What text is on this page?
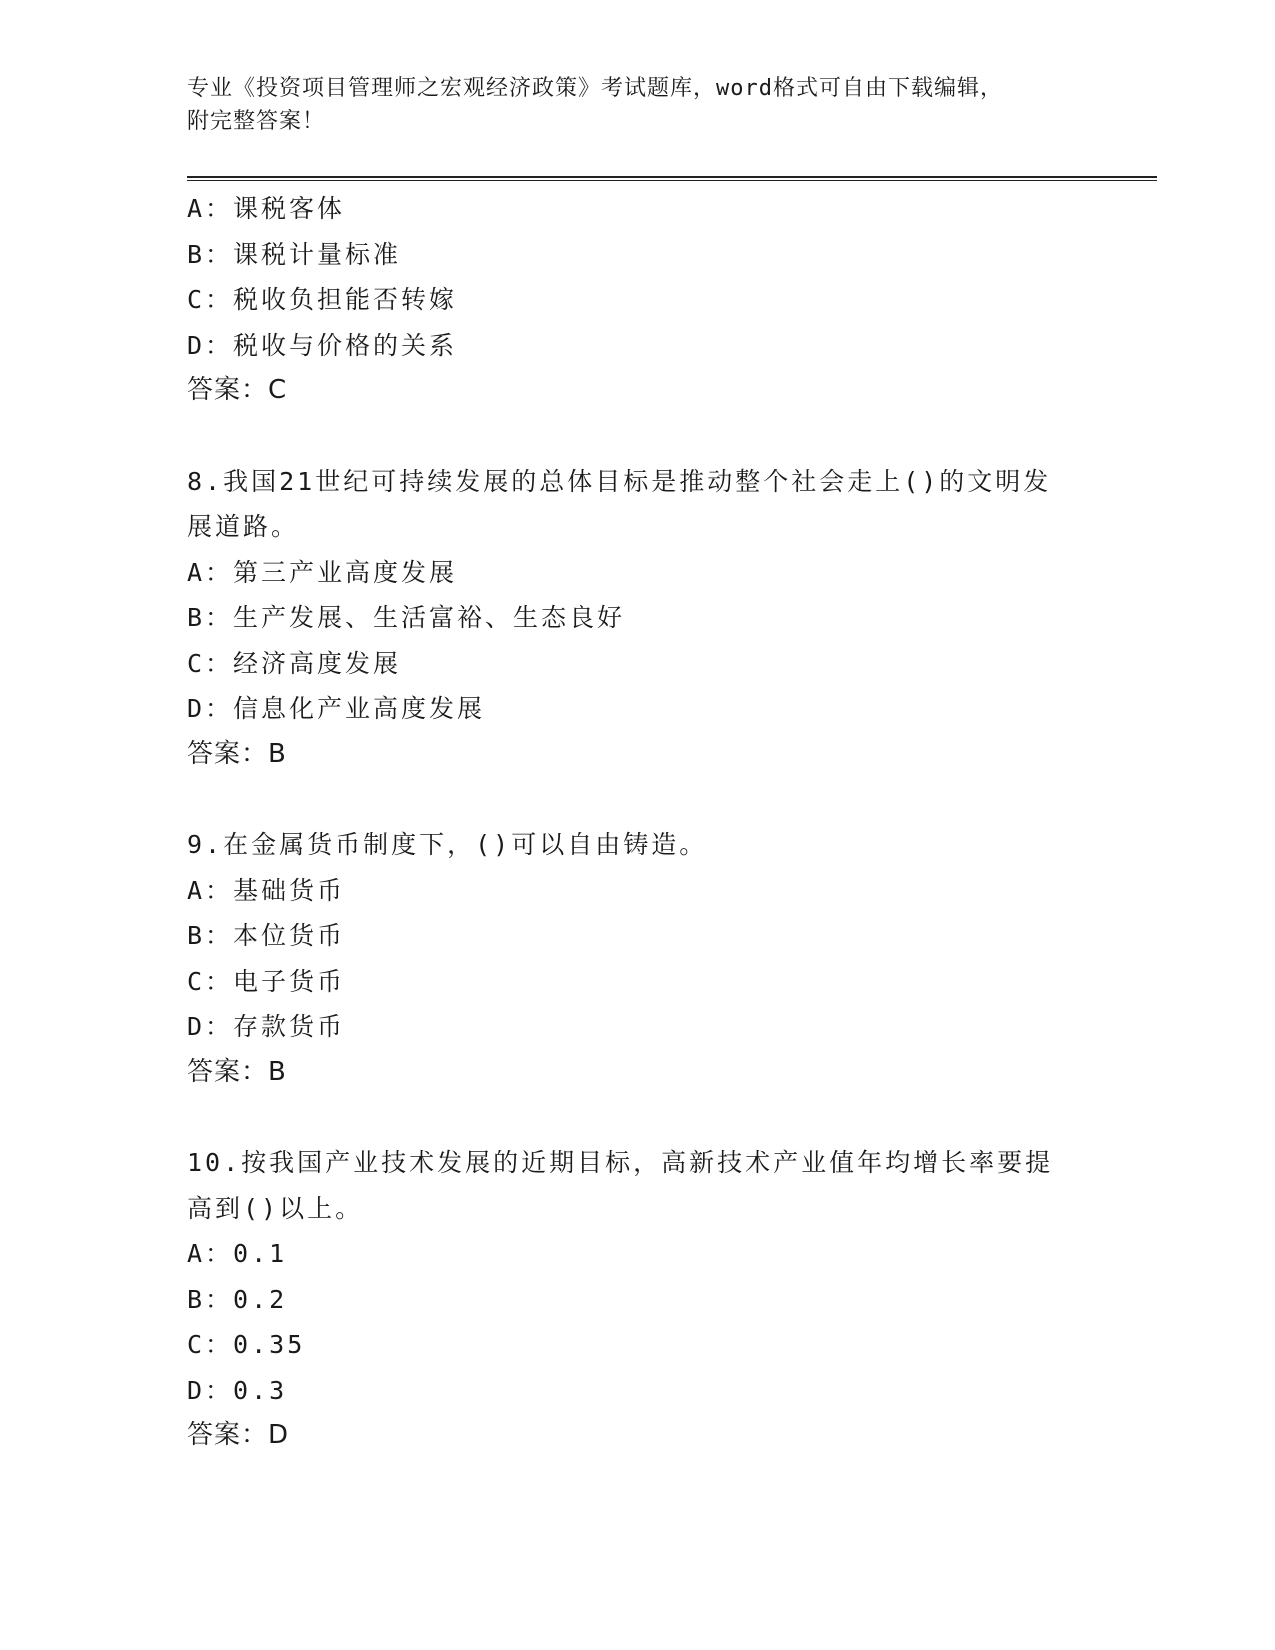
专业《投资项目管理师之宏观经济政策》考试题库，word格式可自由下载编辑，
附完整答案！
A：课税客体
B：课税计量标准
C：税收负担能否转嫁
D：税收与价格的关系
答案：C
8.我国21世纪可持续发展的总体目标是推动整个社会走上()的文明发
展道路。
A：第三产业高度发展
B：生产发展、生活富裕、生态良好
C：经济高度发展
D：信息化产业高度发展
答案：B
9.在金属货币制度下，()可以自由铸造。
A：基础货币
B：本位货币
C：电子货币
D：存款货币
答案：B
10.按我国产业技术发展的近期目标，高新技术产业值年均增长率要提
高到()以上。
A：0.1
B：0.2
C：0.35
D：0.3
答案：D
